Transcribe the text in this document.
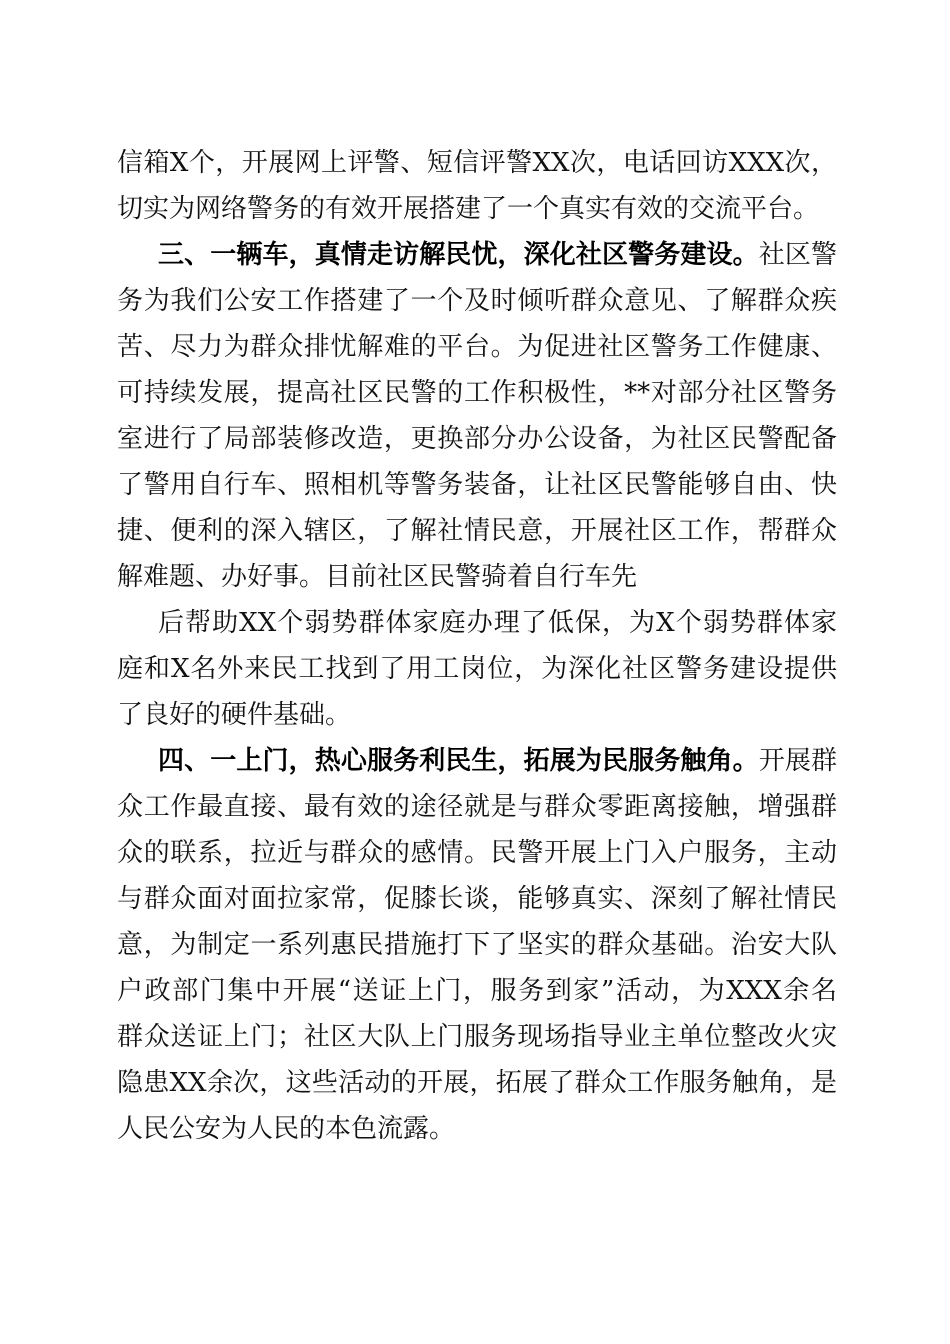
信箱X个，开展网上评警、短信评警XX次，电话回访XXX次，
切实为网络警务的有效开展搭建了一个真实有效的交流平台。
三、一辆车，真情走访解民忧，深化社区警务建设。社区警
务为我们公安工作搭建了一个及时倾听群众意见、了解群众疾
苦、尽力为群众排忧解难的平台。为促进社区警务工作健康、
可持续发展，提高社区民警的工作积极性，**对部分社区警务
室进行了局部装修改造，更换部分办公设备，为社区民警配备
了警用自行车、照相机等警务装备，让社区民警能够自由、快
捷、便利的深入辖区，了解社情民意，开展社区工作，帮群众
解难题、办好事。目前社区民警骑着自行车先
后帮助XX个弱势群体家庭办理了低保，为X个弱势群体家
庭和X名外来民工找到了用工岗位，为深化社区警务建设提供
了良好的硬件基础。
四、一上门，热心服务利民生，拓展为民服务触角。开展群
众工作最直接、最有效的途径就是与群众零距离接触，增强群
众的联系，拉近与群众的感情。民警开展上门入户服务，主动
与群众面对面拉家常，促膝长谈，能够真实、深刻了解社情民
意，为制定一系列惠民措施打下了坚实的群众基础。治安大队
户政部门集中开展“送证上门，服务到家”活动，为XXX余名
群众送证上门；社区大队上门服务现场指导业主单位整改火灾
隐患XX余次，这些活动的开展，拓展了群众工作服务触角，是
人民公安为人民的本色流露。
